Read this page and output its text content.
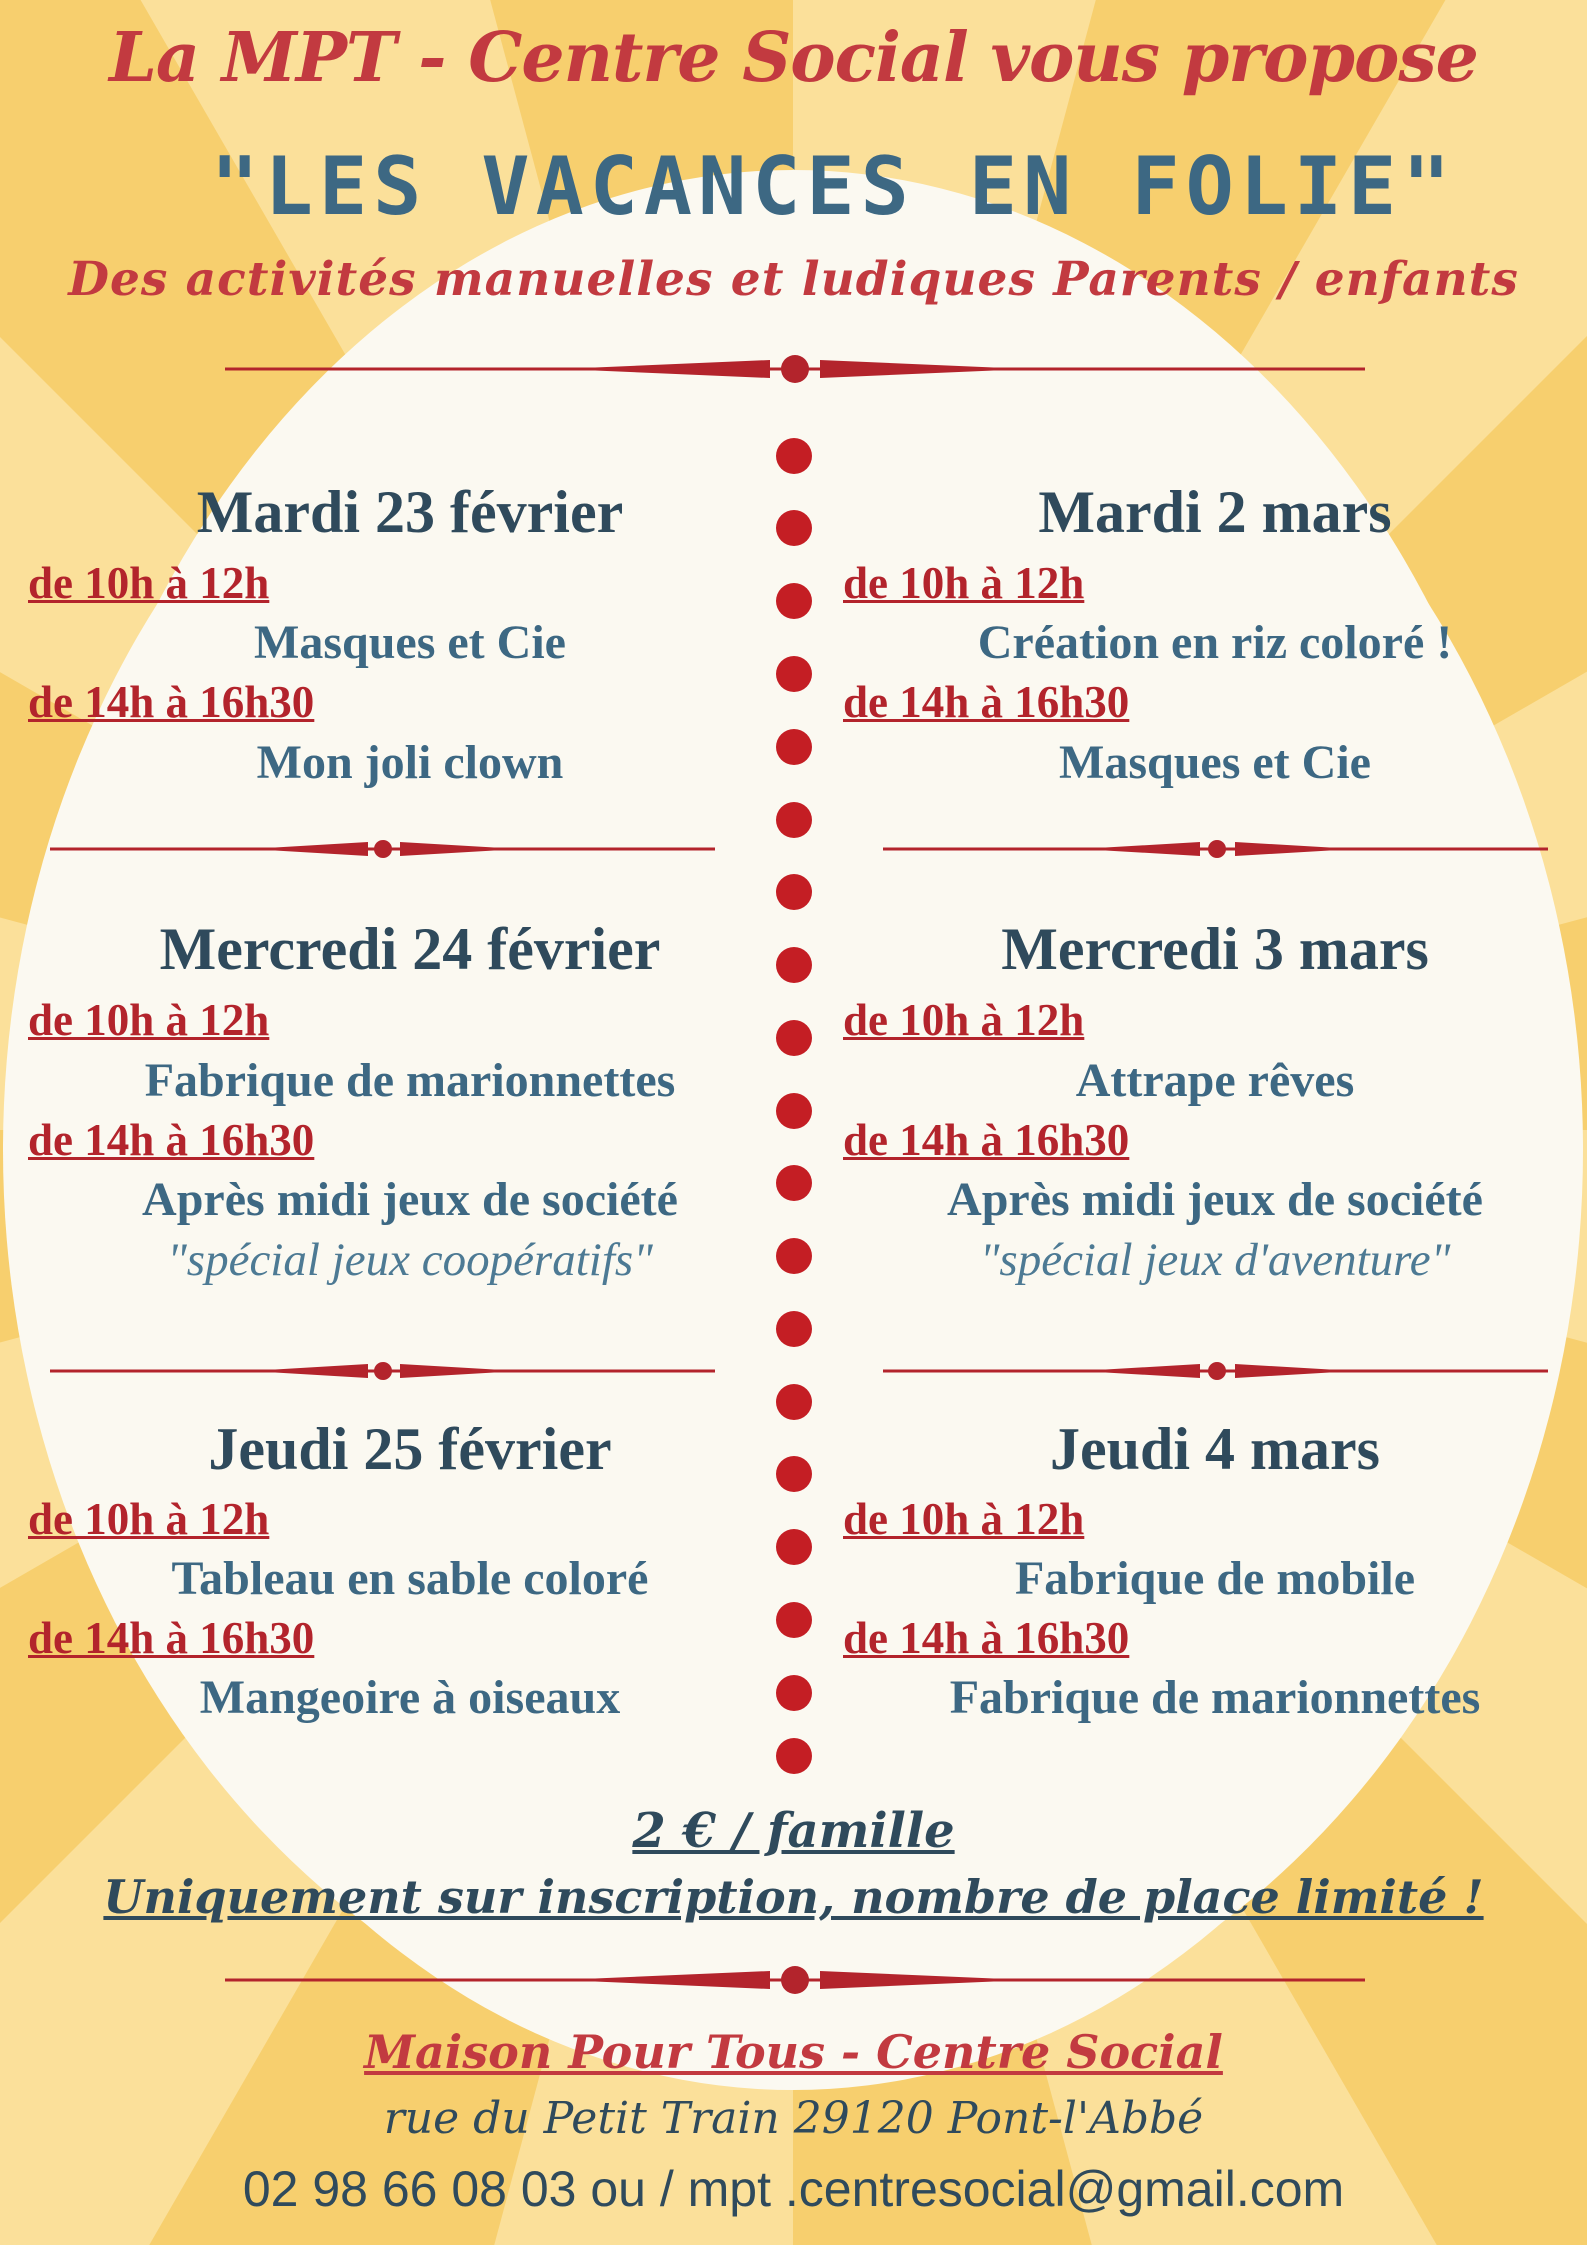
La MPT - Centre Social vous propose
"LES VACANCES EN FOLIE"
Des activités manuelles et ludiques Parents / enfants
Mardi 23 février
de 10h à 12h
Masques et Cie
de 14h à 16h30
Mon joli clown
Mardi 2 mars
de 10h à 12h
Création en riz coloré !
de 14h à 16h30
Masques et Cie
Mercredi 24 février
de 10h à 12h
Fabrique de marionnettes
de 14h à 16h30
Après midi jeux de société
"spécial jeux coopératifs"
Mercredi 3 mars
de 10h à 12h
Attrape rêves
de 14h à 16h30
Après midi jeux de société
"spécial jeux d'aventure"
Jeudi 25 février
de 10h à 12h
Tableau en sable coloré
de 14h à 16h30
Mangeoire à oiseaux
Jeudi 4 mars
de 10h à 12h
Fabrique de mobile
de 14h à 16h30
Fabrique de marionnettes
2 € / famille
Uniquement sur inscription, nombre de place limité !
Maison Pour Tous - Centre Social
rue du Petit Train 29120 Pont-l'Abbé
02 98 66 08 03 ou / mpt .centresocial@gmail.com
